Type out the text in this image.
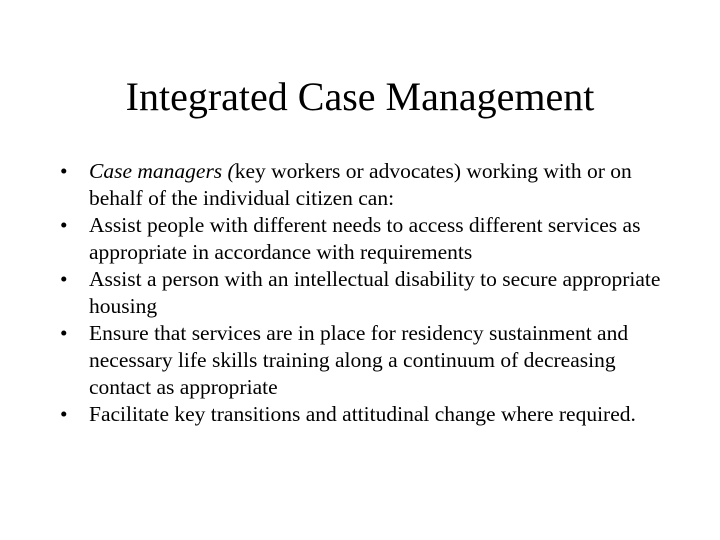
Integrated Case Management
• Case managers (key workers or advocates) working with or on behalf of the individual citizen can:
• Assist people with different needs to access different services as appropriate in accordance with requirements
• Assist a person with an intellectual disability to secure appropriate housing
• Ensure that services are in place for residency sustainment and necessary life skills training along a continuum of decreasing contact as appropriate
• Facilitate key transitions and attitudinal change where required.
